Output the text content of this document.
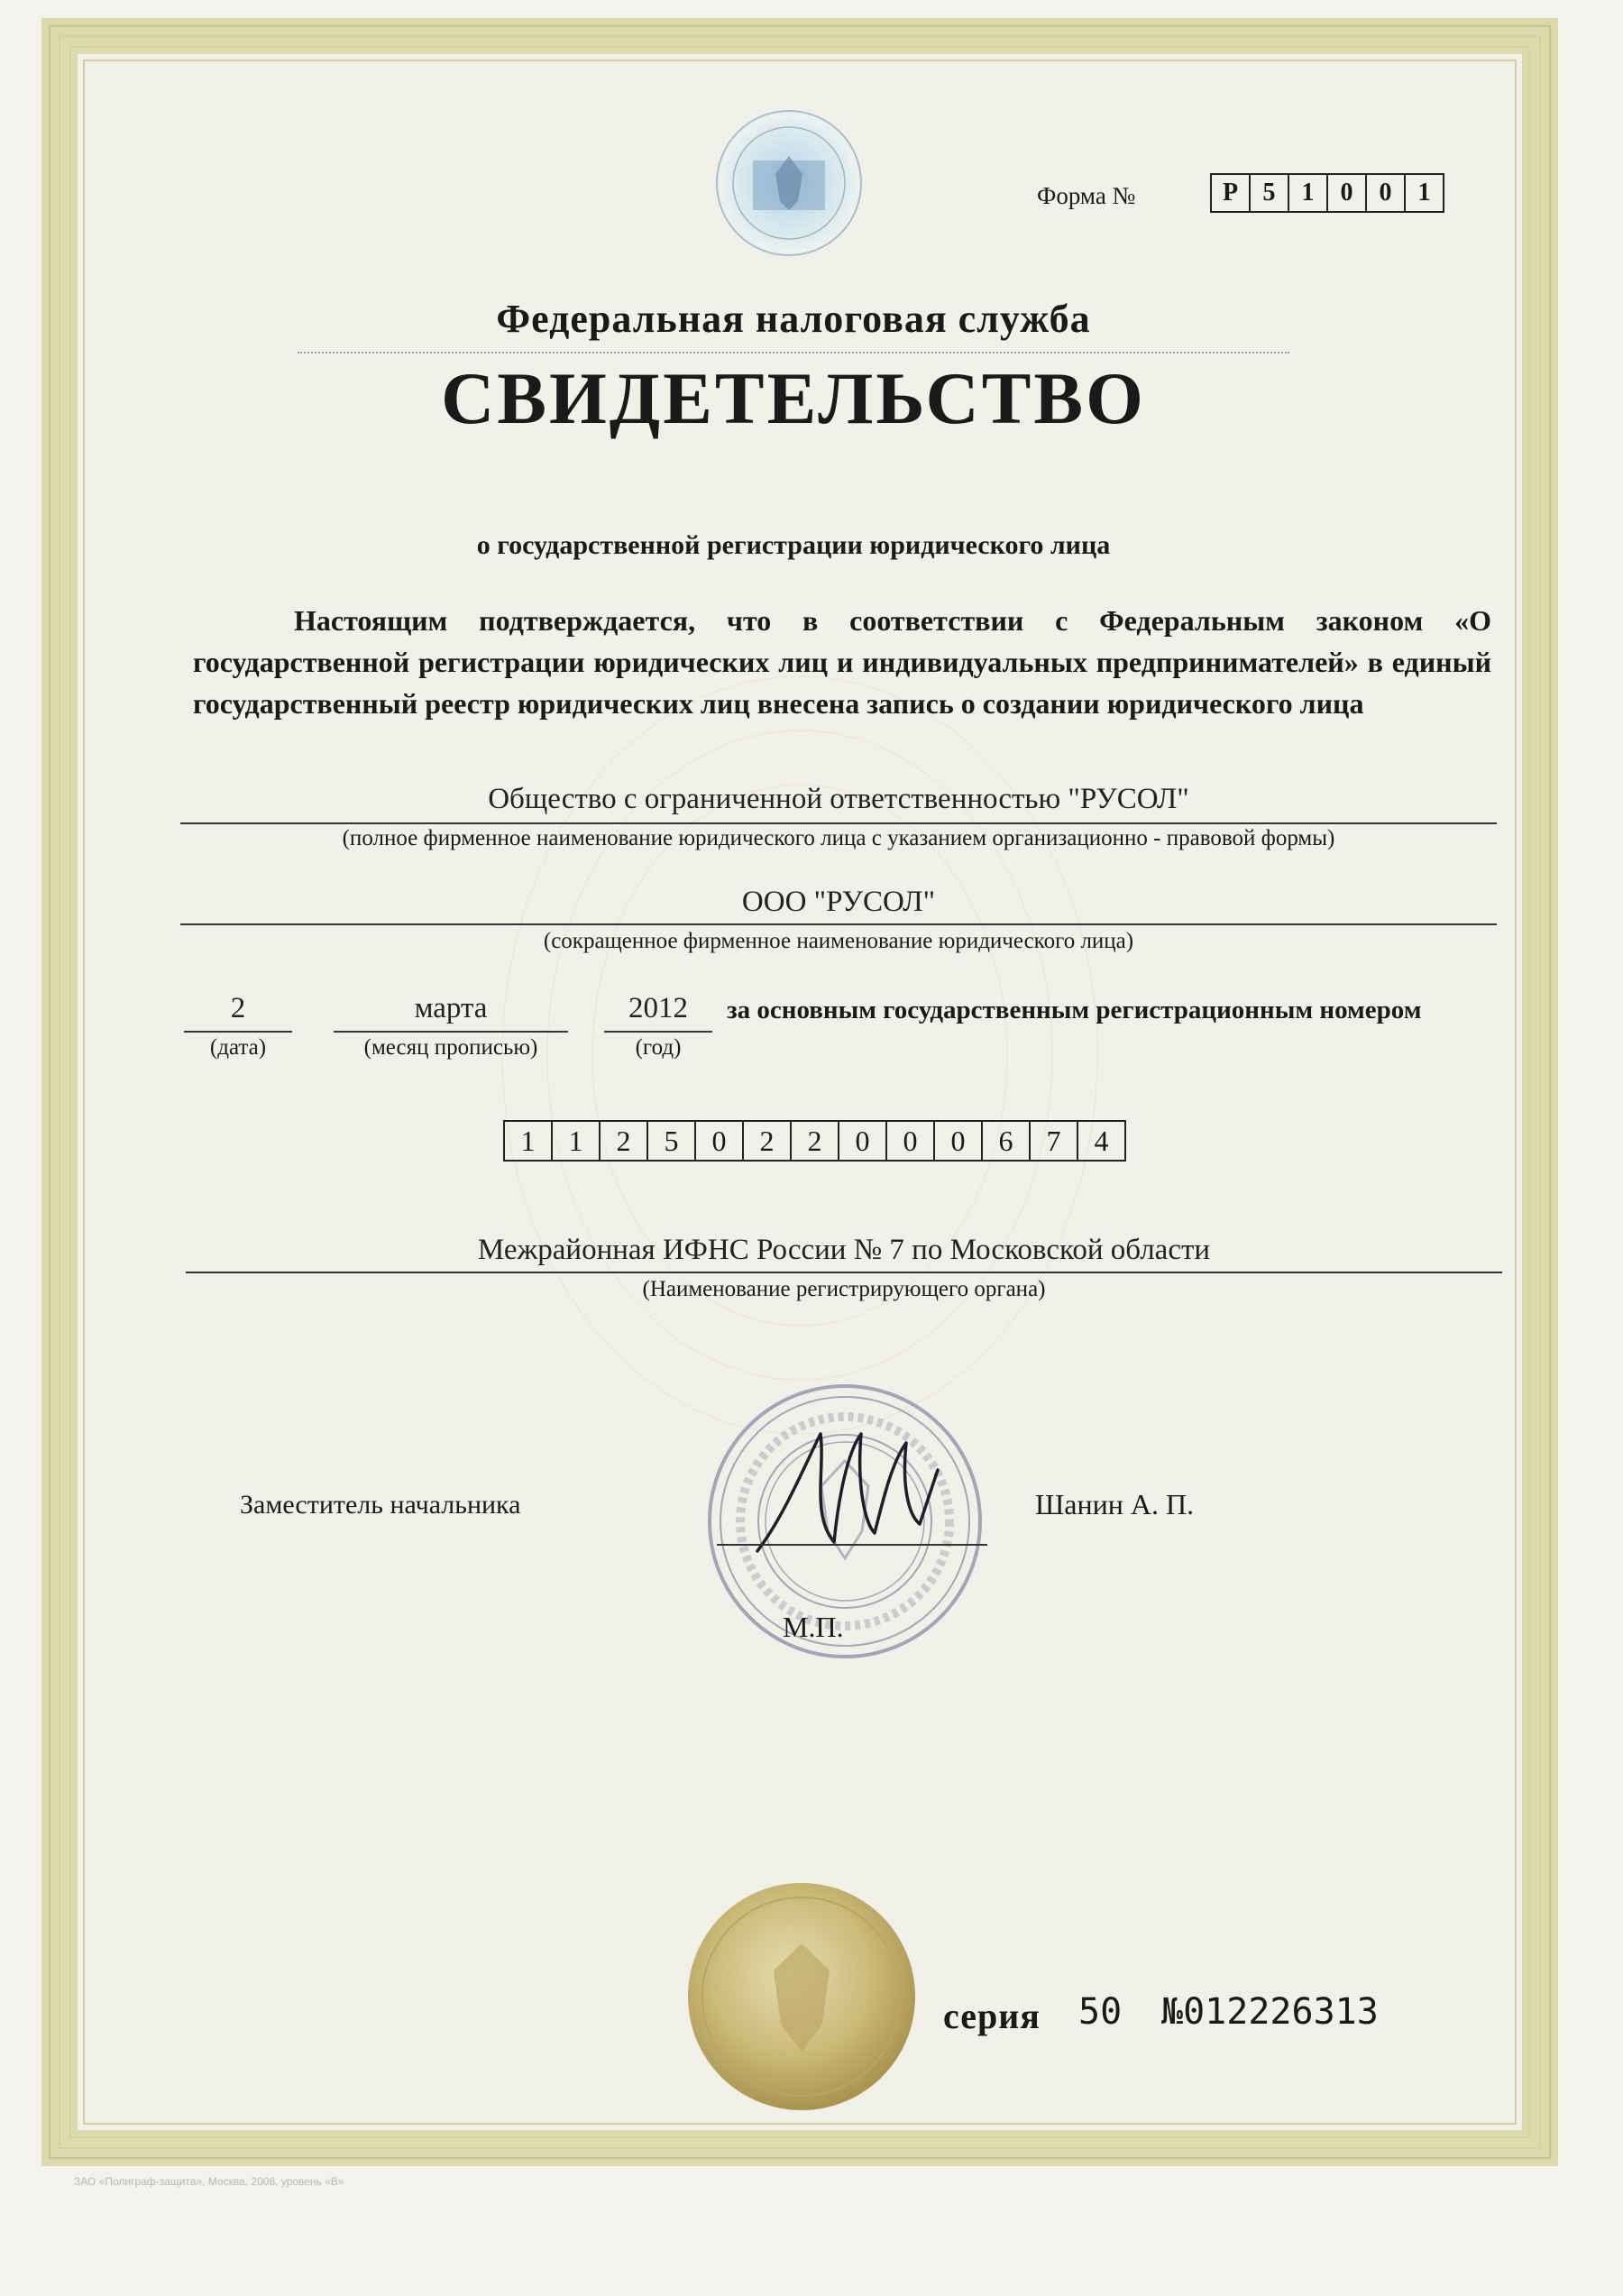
Форма №	Р 5	1	0	0	1
Федеральная налоговая служба
СВИДЕТЕЛЬСТВО
о государственной регистрации юридического лица
Настоящим подтверждается, что в соответствии с Федеральным законом «О государственной регистрации юридических лиц и индивидуальных предпринимателей» в единый государственный реестр юридических лиц внесена запись о создании юридического лица
Общество с ограниченной ответственностью "РУСОЛ"
(полное фирменное наименование юридического лица с указанием организационно - правовой формы)
ООО "РУСОЛ"
(сокращенное фирменное наименование юридического лица)
2
(дата)
марта
(месяц прописью)
2012
(год)
за основным государственным регистрационным номером
1	1	2	5	0	2	2	0	0	0	6	7	4
Межрайонная ИФНС России № 7 по Московской области
(Наименование регистрирующего органа)
Заместитель начальника	Шанин А. П.
М.П.
серия 50 №012226313
ЗАО «Полиграф-защита», Москва, 2008, уровень «В»
